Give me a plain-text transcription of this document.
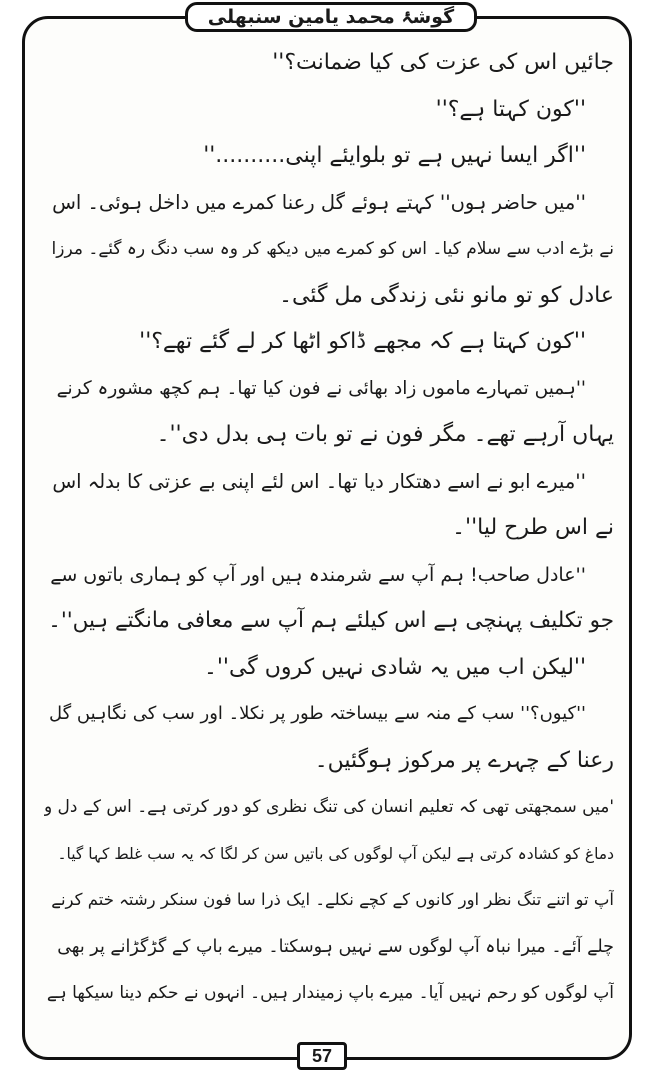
گوشۂ محمد یامین سنبھلی
جائیں اس کی عزت کی کیا ضمانت؟''
''کون کہتا ہے؟''
''اگر ایسا نہیں ہے تو بلوایئے اپنی..........''
''میں حاضر ہوں'' کہتے ہوئے گل رعنا کمرے میں داخل ہوئی۔ اس
نے بڑے ادب سے سلام کیا۔ اس کو کمرے میں دیکھ کر وہ سب دنگ رہ گئے۔ مرزا
عادل کو تو مانو نئی زندگی مل گئی۔
''کون کہتا ہے کہ مجھے ڈاکو اٹھا کر لے گئے تھے؟''
''ہمیں تمہارے ماموں زاد بھائی نے فون کیا تھا۔ ہم کچھ مشورہ کرنے
یہاں آرہے تھے۔ مگر فون نے تو بات ہی بدل دی''۔
''میرے ابو نے اسے دھتکار دیا تھا۔ اس لئے اپنی بے عزتی کا بدلہ اس
نے اس طرح لیا''۔
''عادل صاحب! ہم آپ سے شرمندہ ہیں اور آپ کو ہماری باتوں سے
جو تکلیف پہنچی ہے اس کیلئے ہم آپ سے معافی مانگتے ہیں''۔
''لیکن اب میں یہ شادی نہیں کروں گی''۔
''کیوں؟'' سب کے منہ سے بیساختہ طور پر نکلا۔ اور سب کی نگاہیں گل
رعنا کے چہرے پر مرکوز ہوگئیں۔
'میں سمجھتی تھی کہ تعلیم انسان کی تنگ نظری کو دور کرتی ہے۔ اس کے دل و
دماغ کو کشادہ کرتی ہے لیکن آپ لوگوں کی باتیں سن کر لگا کہ یہ سب غلط کہا گیا۔
آپ تو اتنے تنگ نظر اور کانوں کے کچے نکلے۔ ایک ذرا سا فون سنکر رشتہ ختم کرنے
چلے آئے۔ میرا نباہ آپ لوگوں سے نہیں ہوسکتا۔ میرے باپ کے گڑگڑانے پر بھی
آپ لوگوں کو رحم نہیں آیا۔ میرے باپ زمیندار ہیں۔ انہوں نے حکم دینا سیکھا ہے
57
